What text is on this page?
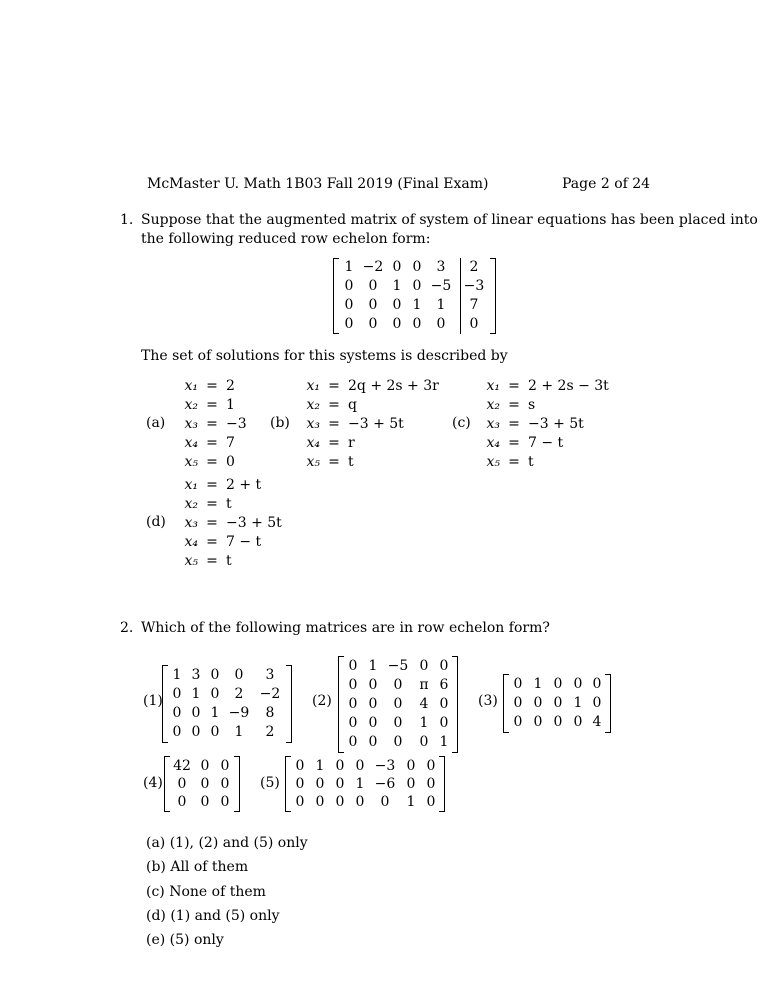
McMaster U. Math 1B03 Fall 2019 (Final Exam)	Page 2 of 24
1. Suppose that the augmented matrix of system of linear equations has been placed into
the following reduced row echelon form:
1	−2	0	0	3	2
0	0	1	0	−5	−3
0	0	0	1	1	7
0	0	0	0	0	0
The set of solutions for this systems is described by
(a)
x₁	=	2
x₂	=	1
x₃	=	−3
x₄	=	7
x₅	=	0
(b)
x₁	=	2q + 2s + 3r
x₂	=	q
x₃	=	−3 + 5t
x₄	=	r
x₅	=	t
(c)
x₁	=	2 + 2s − 3t
x₂	=	s
x₃	=	−3 + 5t
x₄	=	7 − t
x₅	=	t
(d)
x₁	=	2 + t
x₂	=	t
x₃	=	−3 + 5t
x₄	=	7 − t
x₅	=	t
2. Which of the following matrices are in row echelon form?
(1)
1	3	0	0	3
0	1	0	2	−2
0	0	1	−9	8
0	0	0	1	2
(2)
0	1	−5	0	0
0	0	0	π	6
0	0	0	4	0
0	0	0	1	0
0	0	0	0	1
(3)
0	1	0	0	0
0	0	0	1	0
0	0	0	0	4
(4)
42	0	0
0	0	0
0	0	0
(5)
0	1	0	0	−3	0	0
0	0	0	1	−6	0	0
0	0	0	0	0	1	0
(a) (1), (2) and (5) only
(b) All of them
(c) None of them
(d) (1) and (5) only
(e) (5) only
